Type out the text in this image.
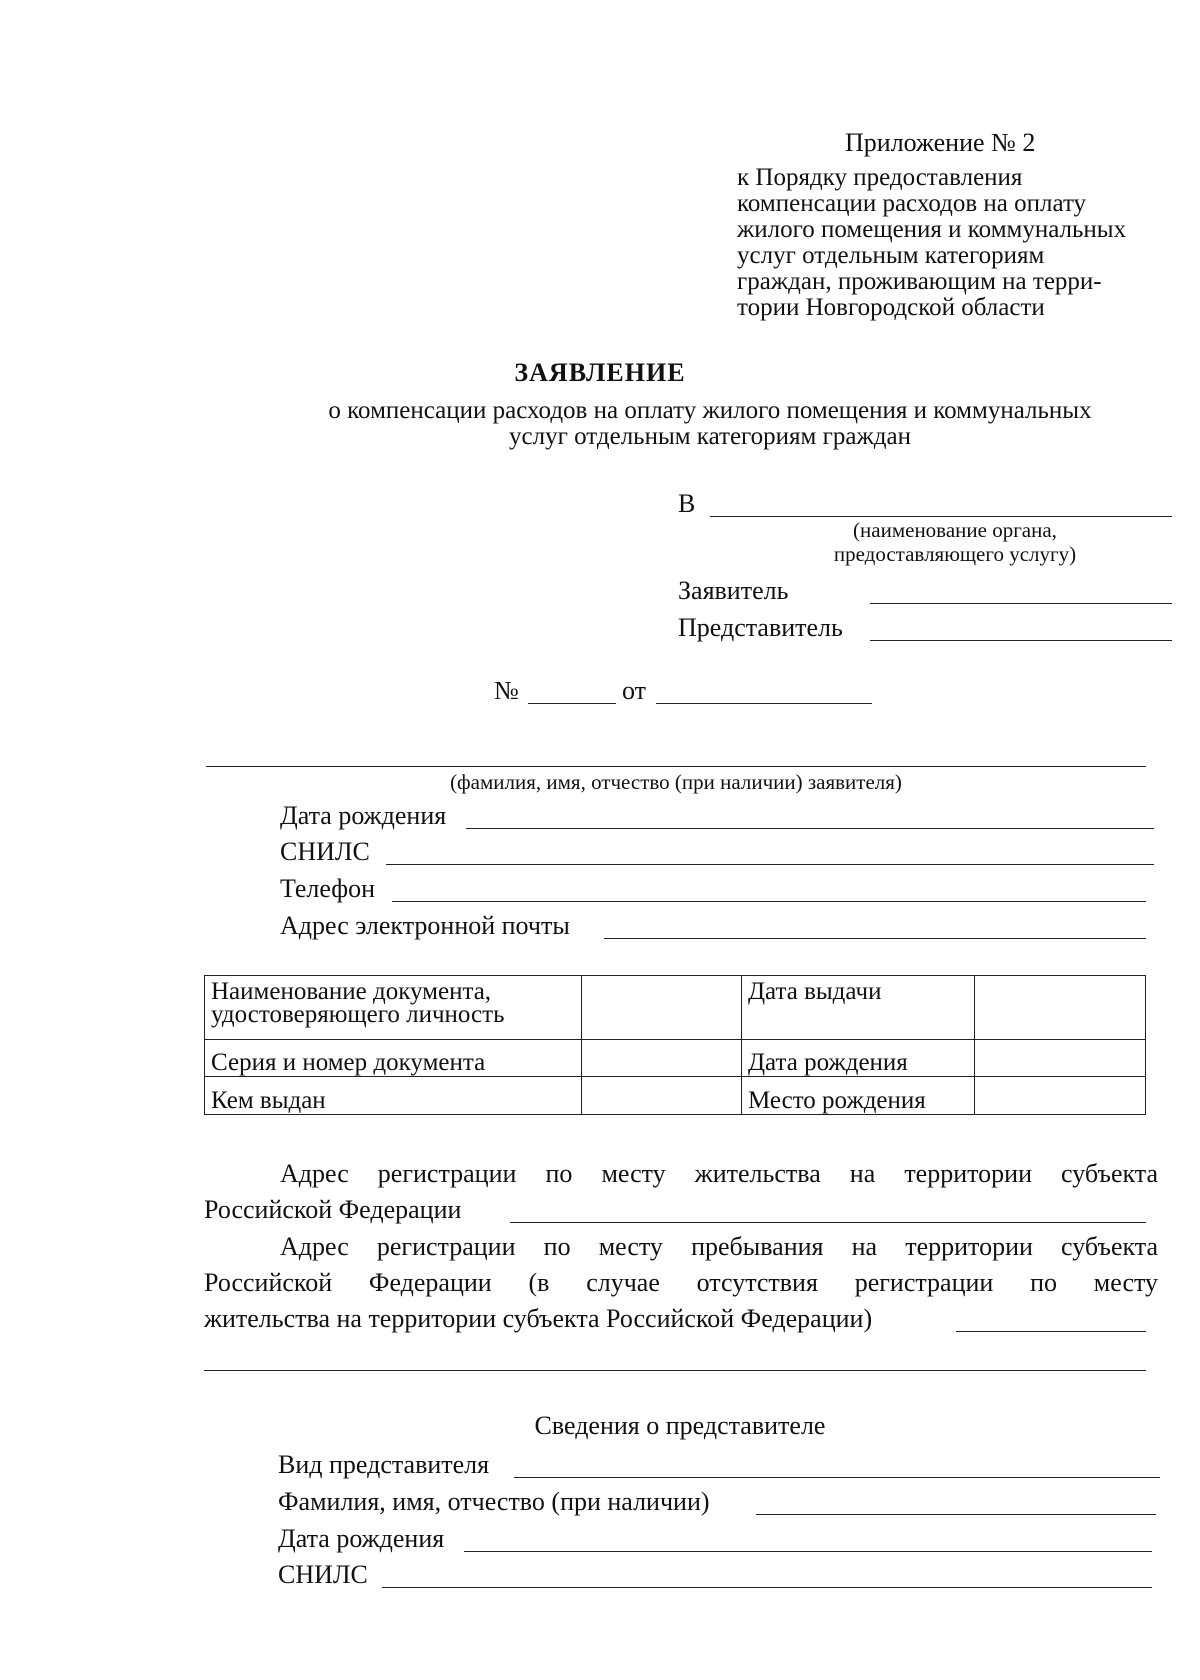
Приложение № 2
к Порядку предоставления
компенсации расходов на оплату
жилого помещения и коммунальных
услуг отдельным категориям
граждан, проживающим на терри-
тории Новгородской области
ЗАЯВЛЕНИЕ
о компенсации расходов на оплату жилого помещения и коммунальных
услуг отдельным категориям граждан
В
(наименование органа,
предоставляющего услугу)
Заявитель
Представитель
№	от
(фамилия, имя, отчество (при наличии) заявителя)
Дата рождения
СНИЛС
Телефон
Адрес электронной почты
Наименование документа,
удостоверяющего личность		Дата выдачи	
Серия и номер документа		Дата рождения	
Кем выдан		Место рождения	
Адрес регистрации по месту жительства на территории субъекта
Российской Федерации
Адрес регистрации по месту пребывания на территории субъекта
Российской Федерации (в случае отсутствия регистрации по месту
жительства на территории субъекта Российской Федерации)
Сведения о представителе
Вид представителя
Фамилия, имя, отчество (при наличии)
Дата рождения
СНИЛС
